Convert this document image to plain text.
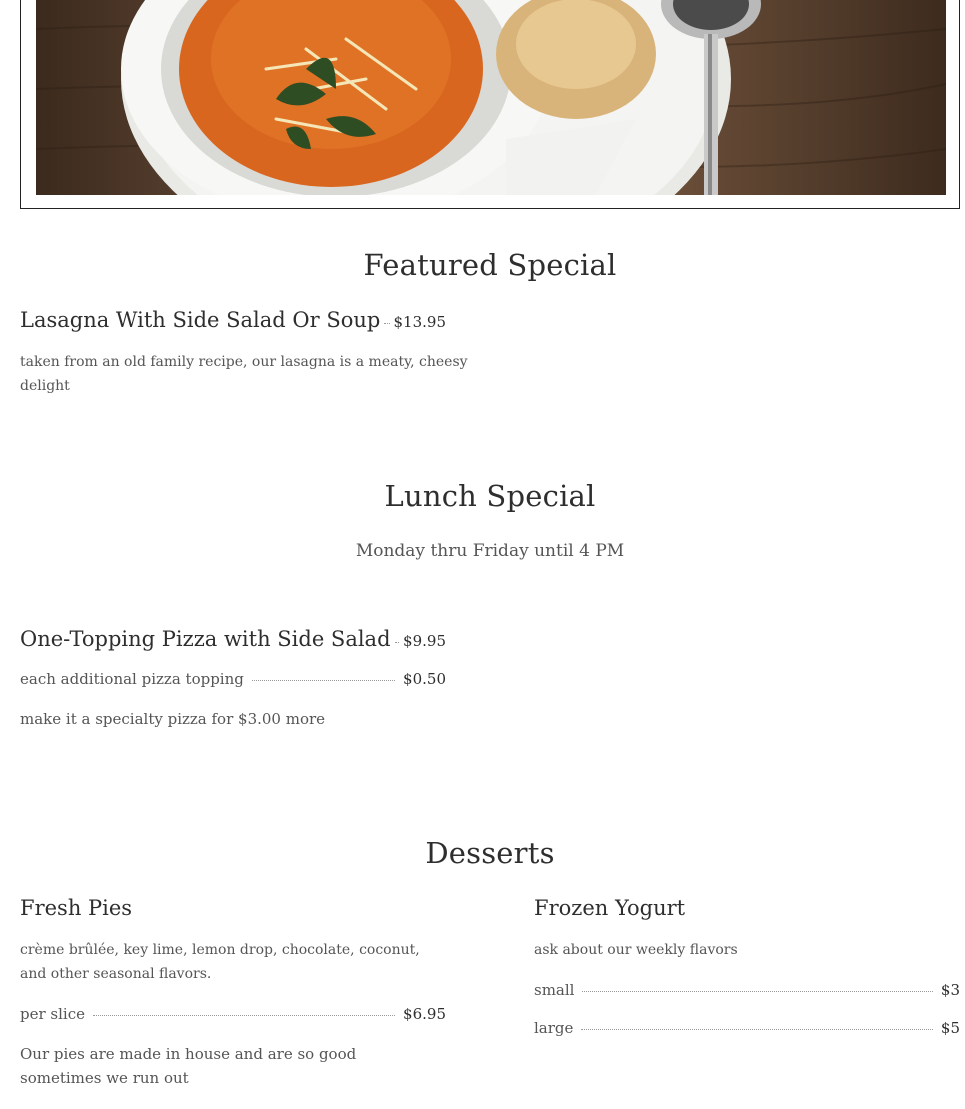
Featured Special
Lasagna With Side Salad Or Soup $13.95
taken from an old family recipe, our lasagna is a meaty, cheesy delight
Lunch Special
Monday thru Friday until 4 PM
One-Topping Pizza with Side Salad $9.95
each additional pizza topping	$0.50
make it a specialty pizza for $3.00 more
Desserts
Fresh Pies
crème brûlée, key lime, lemon drop, chocolate, coconut, and other seasonal flavors.
per slice	$6.95
Our pies are made in house and are so good sometimes we run out
Frozen Yogurt
ask about our weekly flavors
small	$3
large	$5
